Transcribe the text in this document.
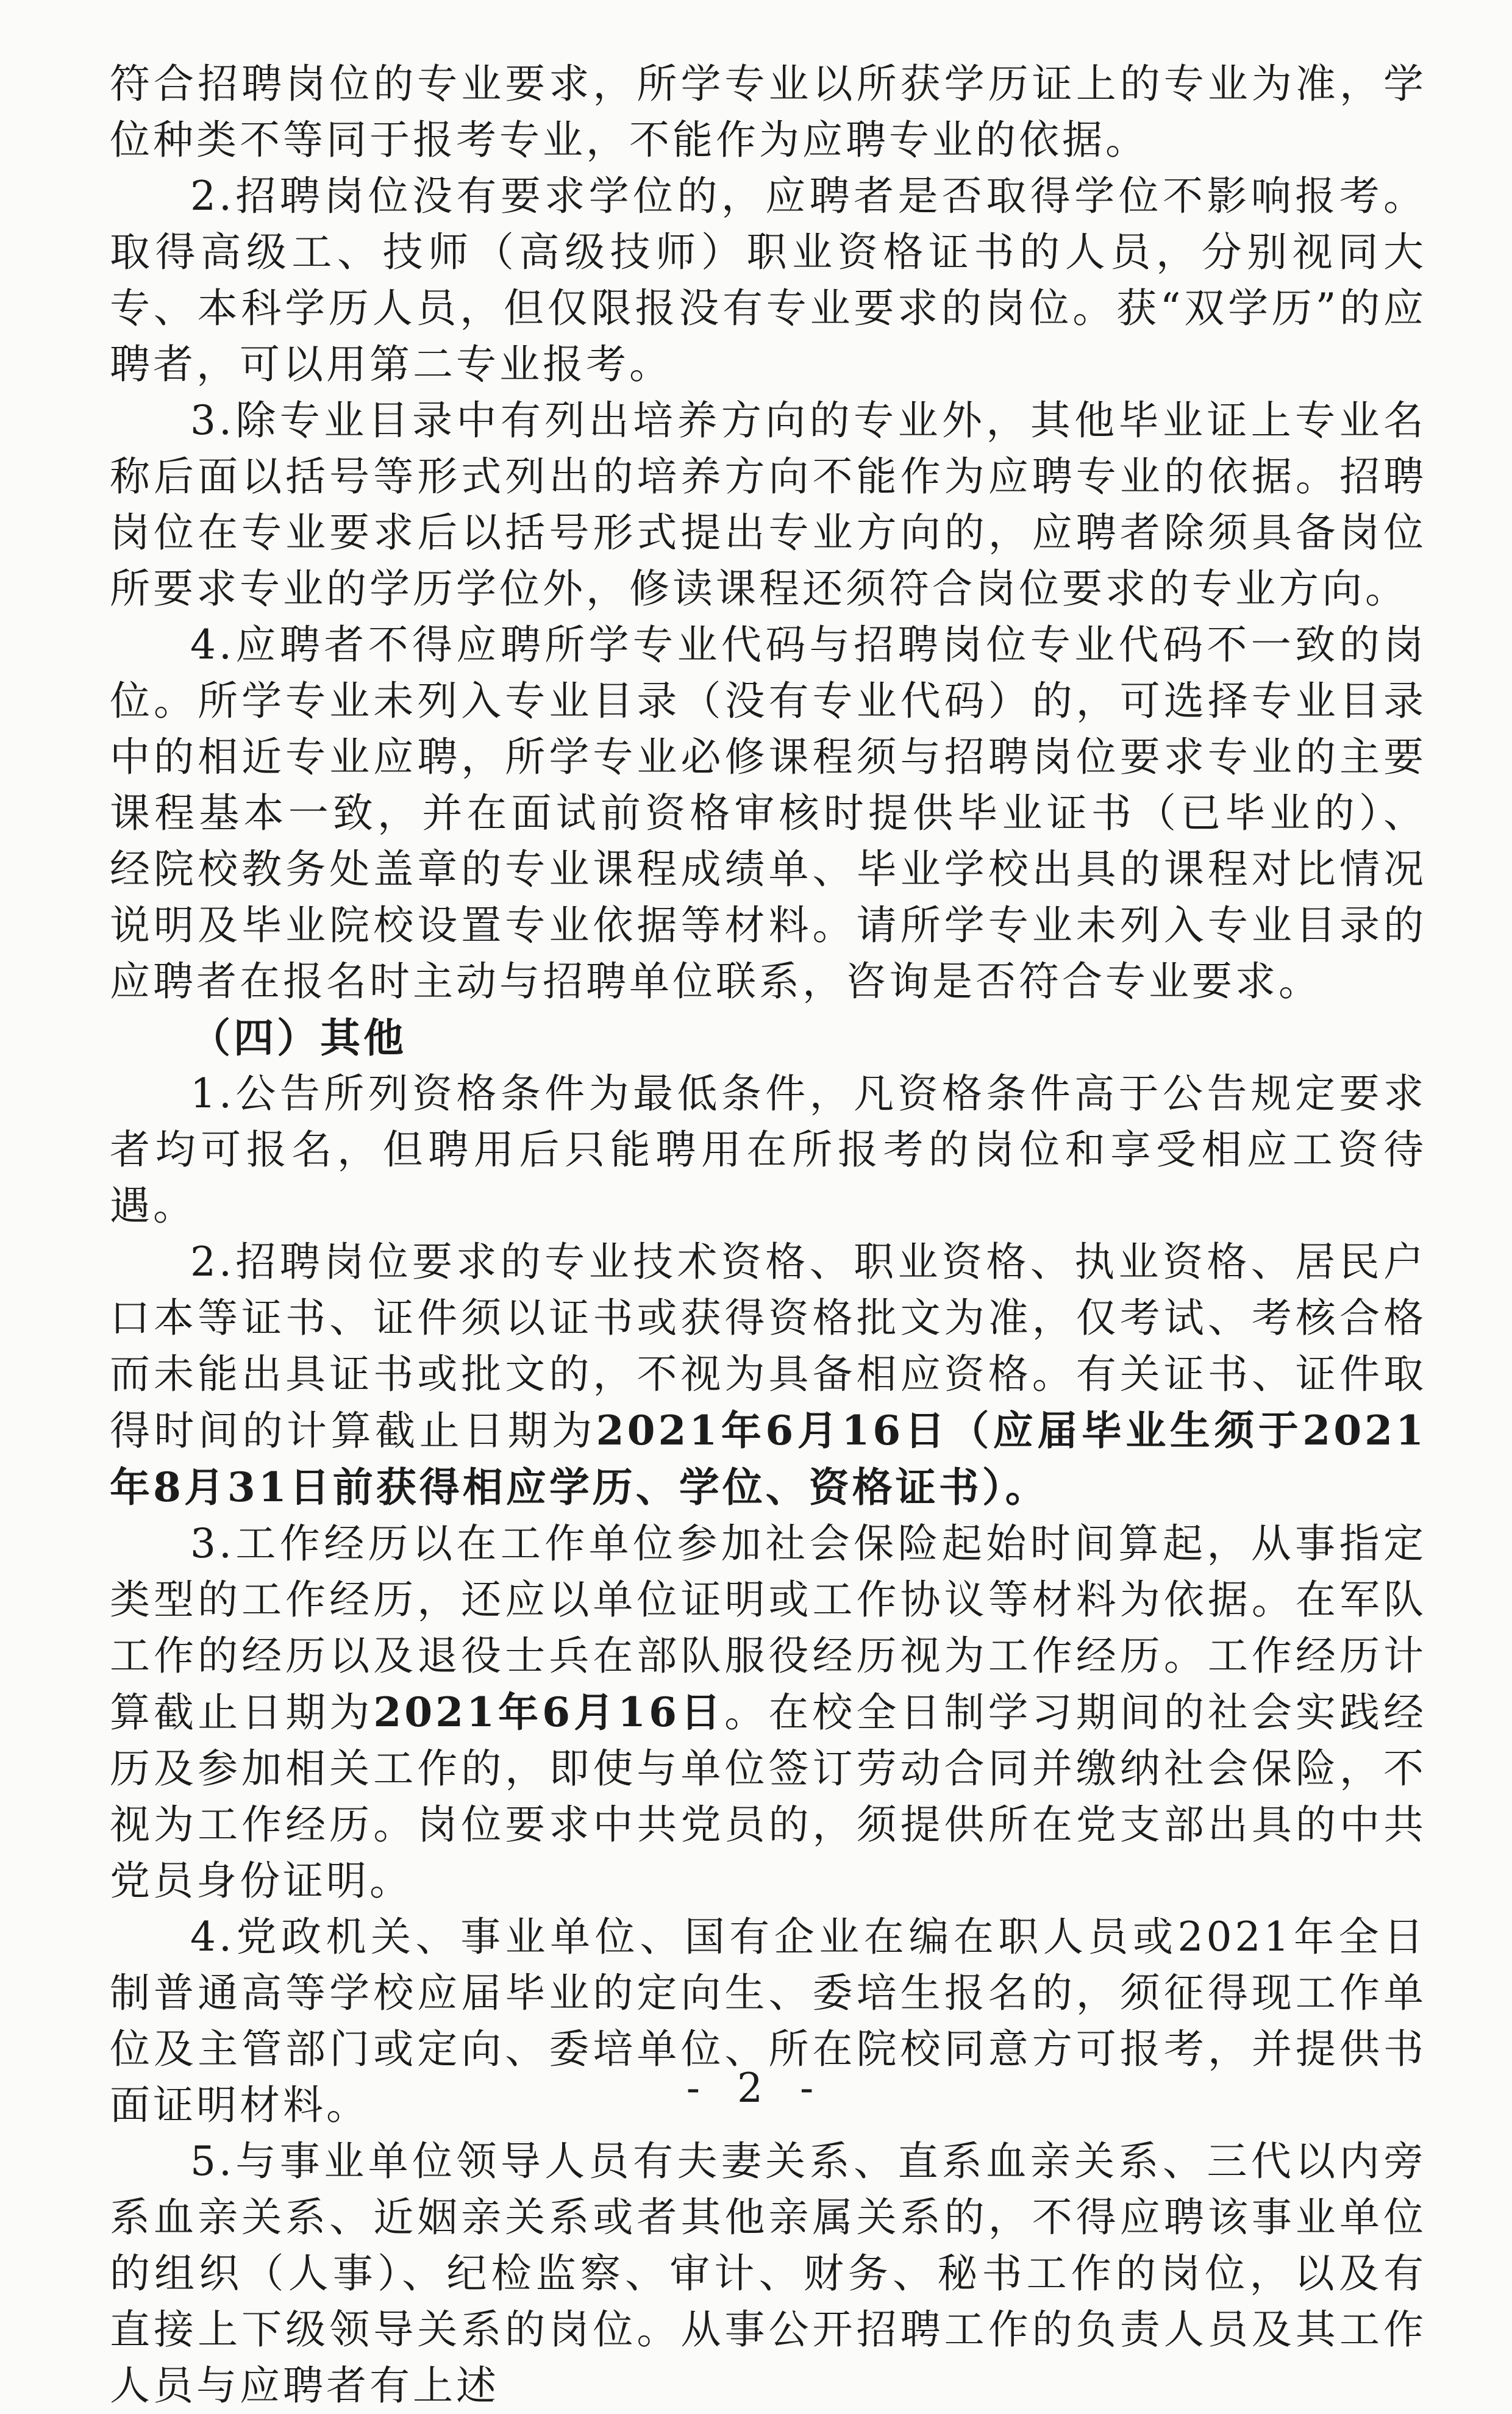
符合招聘岗位的专业要求，所学专业以所获学历证上的专业为准，学位种类不等同于报考专业，不能作为应聘专业的依据。

2.招聘岗位没有要求学位的，应聘者是否取得学位不影响报考。取得高级工、技师（高级技师）职业资格证书的人员，分别视同大专、本科学历人员，但仅限报没有专业要求的岗位。获“双学历”的应聘者，可以用第二专业报考。

3.除专业目录中有列出培养方向的专业外，其他毕业证上专业名称后面以括号等形式列出的培养方向不能作为应聘专业的依据。招聘岗位在专业要求后以括号形式提出专业方向的，应聘者除须具备岗位所要求专业的学历学位外，修读课程还须符合岗位要求的专业方向。

4.应聘者不得应聘所学专业代码与招聘岗位专业代码不一致的岗位。所学专业未列入专业目录（没有专业代码）的，可选择专业目录中的相近专业应聘，所学专业必修课程须与招聘岗位要求专业的主要课程基本一致，并在面试前资格审核时提供毕业证书（已毕业的）、经院校教务处盖章的专业课程成绩单、毕业学校出具的课程对比情况说明及毕业院校设置专业依据等材料。请所学专业未列入专业目录的应聘者在报名时主动与招聘单位联系，咨询是否符合专业要求。

（四）其他

1.公告所列资格条件为最低条件，凡资格条件高于公告规定要求者均可报名，但聘用后只能聘用在所报考的岗位和享受相应工资待遇。

2.招聘岗位要求的专业技术资格、职业资格、执业资格、居民户口本等证书、证件须以证书或获得资格批文为准，仅考试、考核合格而未能出具证书或批文的，不视为具备相应资格。有关证书、证件取得时间的计算截止日期为2021年6月16日（应届毕业生须于2021年8月31日前获得相应学历、学位、资格证书）。

3.工作经历以在工作单位参加社会保险起始时间算起，从事指定类型的工作经历，还应以单位证明或工作协议等材料为依据。在军队工作的经历以及退役士兵在部队服役经历视为工作经历。工作经历计算截止日期为2021年6月16日。在校全日制学习期间的社会实践经历及参加相关工作的，即使与单位签订劳动合同并缴纳社会保险，不视为工作经历。岗位要求中共党员的，须提供所在党支部出具的中共党员身份证明。

4.党政机关、事业单位、国有企业在编在职人员或2021年全日制普通高等学校应届毕业的定向生、委培生报名的，须征得现工作单位及主管部门或定向、委培单位、所在院校同意方可报考，并提供书面证明材料。

5.与事业单位领导人员有夫妻关系、直系血亲关系、三代以内旁系血亲关系、近姻亲关系或者其他亲属关系的，不得应聘该事业单位的组织（人事）、纪检监察、审计、财务、秘书工作的岗位，以及有直接上下级领导关系的岗位。从事公开招聘工作的负责人员及其工作人员与应聘者有上述

- 2 -
